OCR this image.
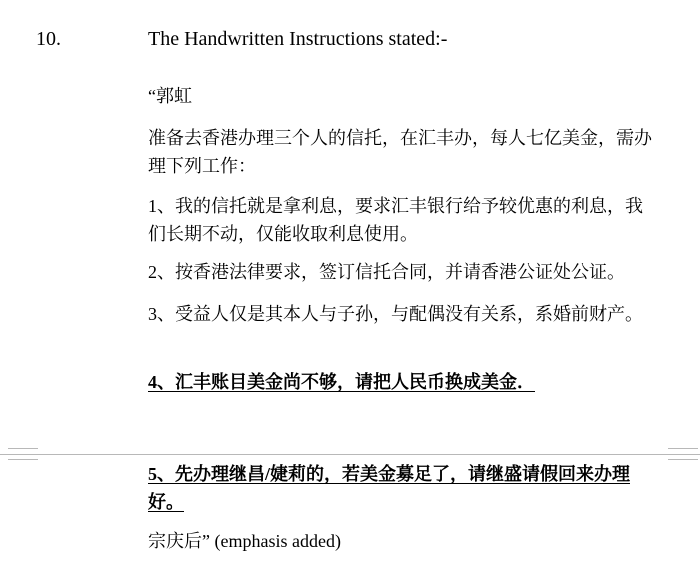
10.	The Handwritten Instructions stated:-
“郭虹
准备去香港办理三个人的信托，在汇丰办，每人七亿美金，需办理下列工作：
1、我的信托就是拿利息，要求汇丰银行给予较优惠的利息，我们长期不动，仅能收取利息使用。
2、按香港法律要求，签订信托合同，并请香港公证处公证。
3、受益人仅是其本人与子孙，与配偶没有关系，系婚前财产。
4、汇丰账目美金尚不够，请把人民币换成美金．
5、先办理继昌/婕莉的，若美金募足了，请继盛请假回来办理好。
宗庆后” (emphasis added)
